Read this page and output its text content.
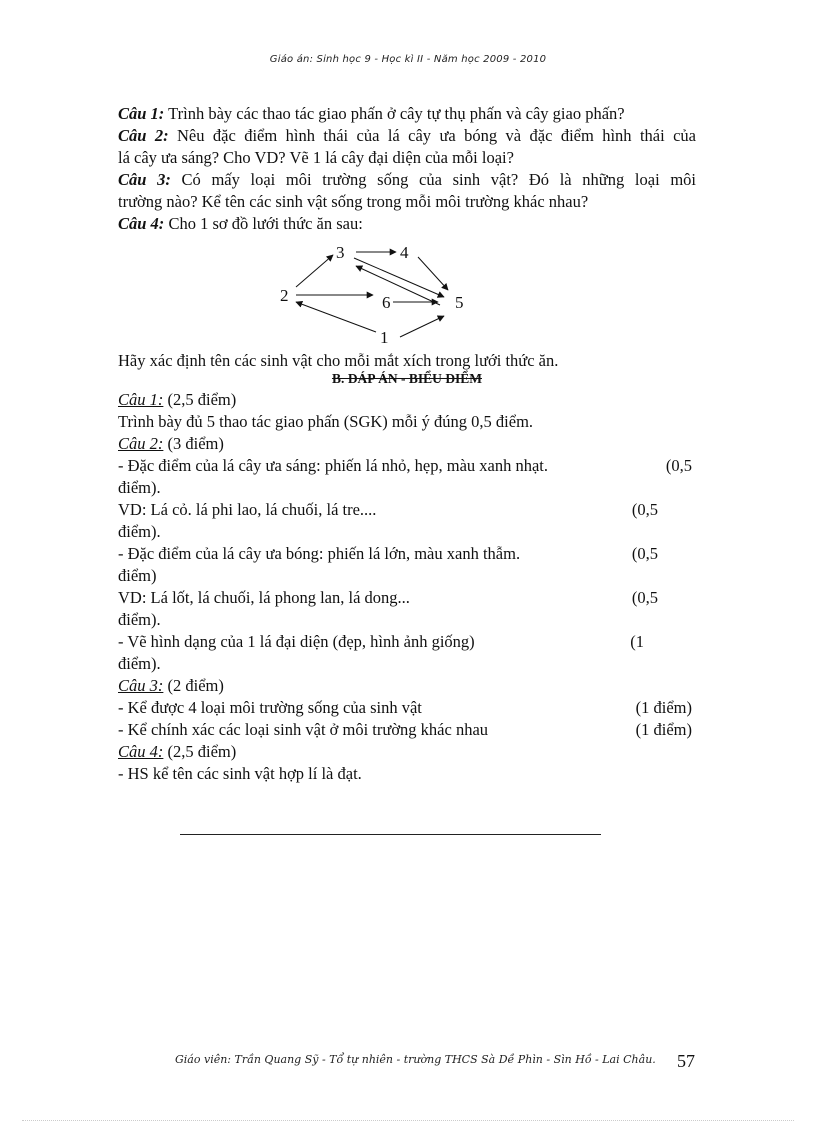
Giáo án: Sinh học 9 - Học kì II - Năm học 2009 - 2010

Câu 1: Trình bày các thao tác giao phấn ở cây tự thụ phấn và cây giao phấn?

Câu 2: Nêu đặc điểm hình thái của lá cây ưa bóng và đặc điểm hình thái của

lá cây ưa sáng? Cho VD? Vẽ 1 lá cây đại diện của mỗi loại?

Câu 3: Có mấy loại môi trường sống của sinh vật? Đó là những loại môi

trường nào? Kể tên các sinh vật sống trong mỗi môi trường khác nhau?

Câu 4: Cho 1 sơ đồ lưới thức ăn sau:

1
2
3	4
5
6

Hãy xác định tên các sinh vật cho mỗi mắt xích trong lưới thức ăn.

B. ĐÁP ÁN - BIỂU ĐIỂM

Câu 1: (2,5 điểm)

Trình bày đủ 5 thao tác giao phấn (SGK) mỗi ý đúng 0,5 điểm.

Câu 2: (3 điểm)

- Đặc điểm của lá cây ưa sáng: phiến lá nhỏ, hẹp, màu xanh nhạt.	(0,5

điểm).

VD: Lá cỏ. lá phi lao, lá chuối, lá tre....	(0,5

điểm).

- Đặc điểm của lá cây ưa bóng: phiến lá lớn, màu xanh thẫm.	(0,5

điểm)

VD: Lá lốt, lá chuối, lá phong lan, lá dong...	(0,5

điểm).

- Vẽ hình dạng của 1 lá đại diện (đẹp, hình ảnh giống)	(1

điểm).

Câu 3: (2 điểm)

- Kể được 4 loại môi trường sống của sinh vật	(1 điểm)
- Kể chính xác các loại sinh vật ở môi trường khác nhau	(1 điểm)

Câu 4: (2,5 điểm)

- HS kể tên các sinh vật hợp lí là đạt.

Giáo viên: Trần Quang Sỹ - Tổ tự nhiên - trường THCS Sà Dề Phìn - Sìn Hồ - Lai Châu. 57
